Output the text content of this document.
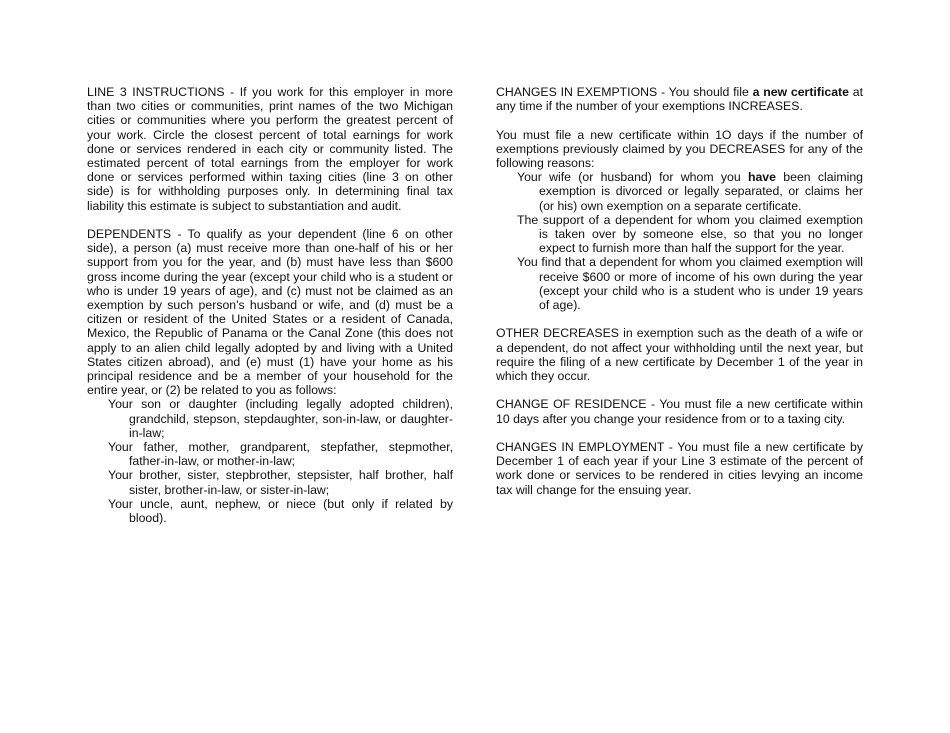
LINE 3 INSTRUCTIONS - If you work for this employer in more than two cities or communities, print names of the two Michigan cities or communities where you perform the greatest percent of your work. Circle the closest percent of total earnings for work done or services rendered in each city or community listed. The estimated percent of total earnings from the employer for work done or services performed within taxing cities (line 3 on other side) is for withholding purposes only. In determining final tax liability this estimate is subject to substantiation and audit.

DEPENDENTS - To qualify as your dependent (line 6 on other side), a person (a) must receive more than one-half of his or her support from you for the year, and (b) must have less than $600 gross income during the year (except your child who is a student or who is under 19 years of age), and (c) must not be claimed as an exemption by such person's husband or wife, and (d) must be a citizen or resident of the United States or a resident of Canada, Mexico, the Republic of Panama or the Canal Zone (this does not apply to an alien child legally adopted by and living with a United States citizen abroad), and (e) must (1) have your home as his principal residence and be a member of your household for the entire year, or (2) be related to you as follows:

Your son or daughter (including legally adopted children), grandchild, stepson, stepdaughter, son-in-law, or daughter-in-law;
Your father, mother, grandparent, stepfather, stepmother, father-in-law, or mother-in-law;
Your brother, sister, stepbrother, stepsister, half brother, half sister, brother-in-law, or sister-in-law;
Your uncle, aunt, nephew, or niece (but only if related by blood).

CHANGES IN EXEMPTIONS - You should file a new certificate at any time if the number of your exemptions INCREASES.

You must file a new certificate within 1O days if the number of exemptions previously claimed by you DECREASES for any of the following reasons:

Your wife (or husband) for whom you have been claiming exemption is divorced or legally separated, or claims her (or his) own exemption on a separate certificate.
The support of a dependent for whom you claimed exemption is taken over by someone else, so that you no longer expect to furnish more than half the support for the year.
You find that a dependent for whom you claimed exemption will receive $600 or more of income of his own during the year (except your child who is a student who is under 19 years of age).

OTHER DECREASES in exemption such as the death of a wife or a dependent, do not affect your withholding until the next year, but require the filing of a new certificate by December 1 of the year in which they occur.

CHANGE OF RESIDENCE - You must file a new certificate within 10 days after you change your residence from or to a taxing city.

CHANGES IN EMPLOYMENT - You must file a new certificate by December 1 of each year if your Line 3 estimate of the percent of work done or services to be rendered in cities levying an income tax will change for the ensuing year.
